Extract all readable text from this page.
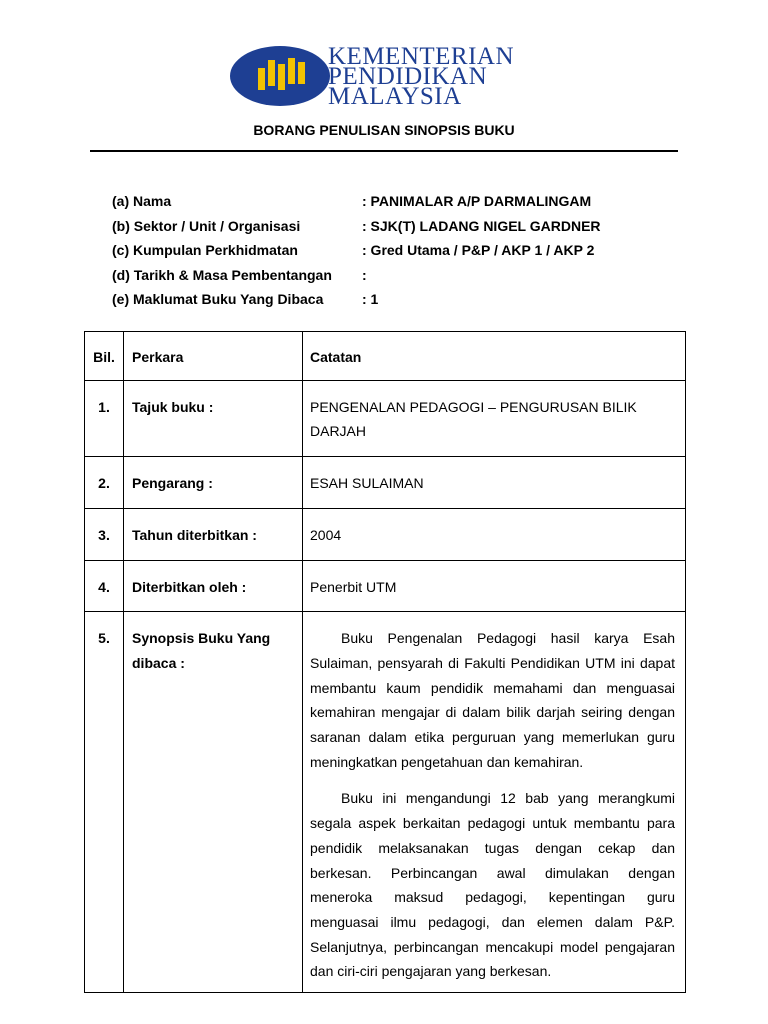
KEMENTERIAN
PENDIDIKAN
MALAYSIA
BORANG PENULISAN SINOPSIS BUKU
(a) Nama	: PANIMALAR A/P DARMALINGAM
(b) Sektor / Unit / Organisasi	: SJK(T) LADANG NIGEL GARDNER
(c) Kumpulan Perkhidmatan	: Gred Utama / P&P / AKP 1 / AKP 2
(d) Tarikh & Masa Pembentangan	:
(e) Maklumat Buku Yang Dibaca	: 1
Bil.	Perkara	Catatan

1.	Tajuk buku :	PENGENALAN PEDAGOGI – PENGURUSAN BILIK DARJAH

2.	Pengarang :	ESAH SULAIMAN

3.	Tahun diterbitkan :	2004

4.	Diterbitkan oleh :	Penerbit UTM

5.	Synopsis Buku Yang dibaca :	Buku Pengenalan Pedagogi hasil karya Esah Sulaiman, pensyarah di Fakulti Pendidikan UTM ini dapat membantu kaum pendidik memahami dan menguasai kemahiran mengajar di dalam bilik darjah seiring dengan saranan dalam etika perguruan yang memerlukan guru meningkatkan pengetahuan dan kemahiran.

Buku ini mengandungi 12 bab yang merangkumi segala aspek berkaitan pedagogi untuk membantu para pendidik melaksanakan tugas dengan cekap dan berkesan. Perbincangan awal dimulakan dengan meneroka maksud pedagogi, kepentingan guru menguasai ilmu pedagogi, dan elemen dalam P&P. Selanjutnya, perbincangan mencakupi model pengajaran dan ciri-ciri pengajaran yang berkesan.
